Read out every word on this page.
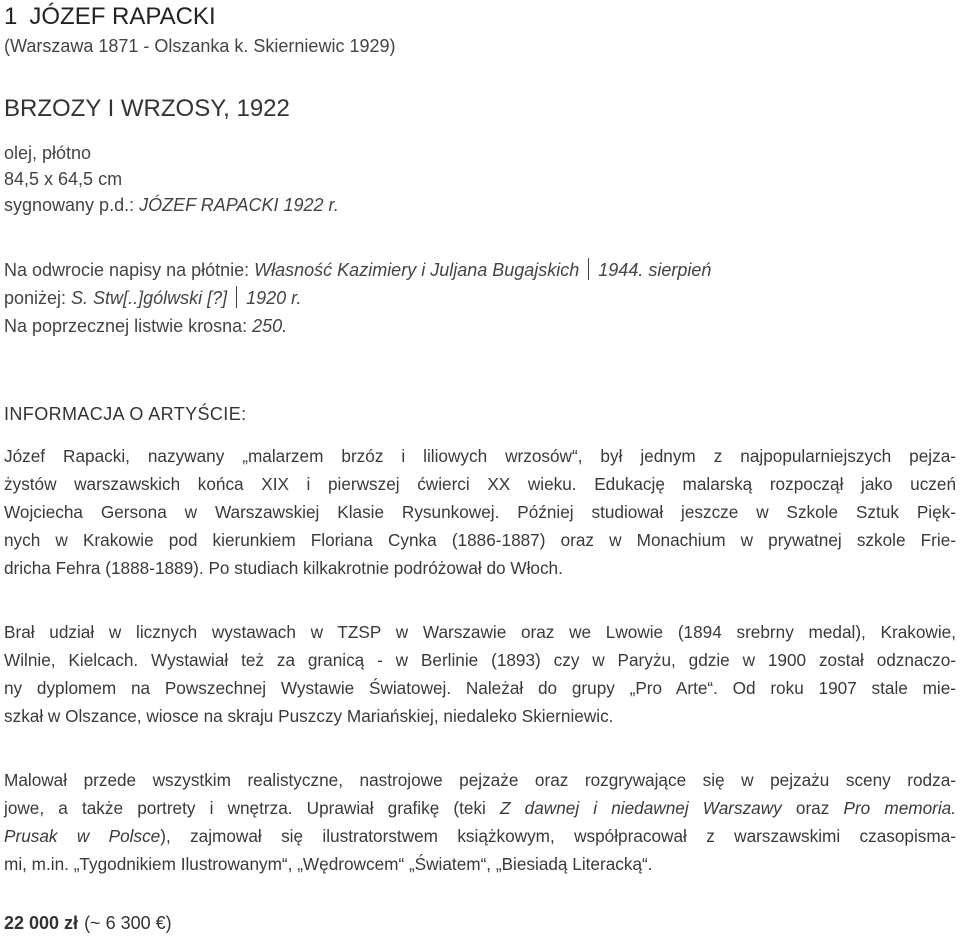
1 JÓZEF RAPACKI

(Warszawa 1871 - Olszanka k. Skierniewic 1929)

BRZOZY I WRZOSY, 1922
olej, płótno
84,5 x 64,5 cm
sygnowany p.d.: JÓZEF RAPACKI 1922 r.
Na odwrocie napisy na płótnie: Własność Kazimiery i Juljana Bugajskich 1944. sierpień
poniżej: S. Stw[..]gólwski [?] 1920 r.
Na poprzecznej listwie krosna: 250.
INFORMACJA O ARTYŚCIE:
Józef Rapacki, nazywany „malarzem brzóz i liliowych wrzosów“, był jednym z najpopularniejszych pejza-
żystów warszawskich końca XIX i pierwszej ćwierci XX wieku. Edukację malarską rozpoczął jako uczeń
Wojciecha Gersona w Warszawskiej Klasie Rysunkowej. Później studiował jeszcze w Szkole Sztuk Pięk-
nych w Krakowie pod kierunkiem Floriana Cynka (1886-1887) oraz w Monachium w prywatnej szkole Frie-
dricha Fehra (1888-1889). Po studiach kilkakrotnie podróżował do Włoch.
Brał udział w licznych wystawach w TZSP w Warszawie oraz we Lwowie (1894 srebrny medal), Krakowie,
Wilnie, Kielcach. Wystawiał też za granicą - w Berlinie (1893) czy w Paryżu, gdzie w 1900 został odznaczo-
ny dyplomem na Powszechnej Wystawie Światowej. Należał do grupy „Pro Arte“. Od roku 1907 stale mie-
szkał w Olszance, wiosce na skraju Puszczy Mariańskiej, niedaleko Skierniewic.
Malował przede wszystkim realistyczne, nastrojowe pejzaże oraz rozgrywające się w pejzażu sceny rodza-
jowe, a także portrety i wnętrza. Uprawiał grafikę (teki Z dawnej i niedawnej Warszawy oraz Pro memoria.
Prusak w Polsce), zajmował się ilustratorstwem książkowym, współpracował z warszawskimi czasopisma-
mi, m.in. „Tygodnikiem Ilustrowanym“, „Wędrowcem“ „Światem“, „Biesiadą Literacką“.
22 000 zł (~ 6 300 €)
